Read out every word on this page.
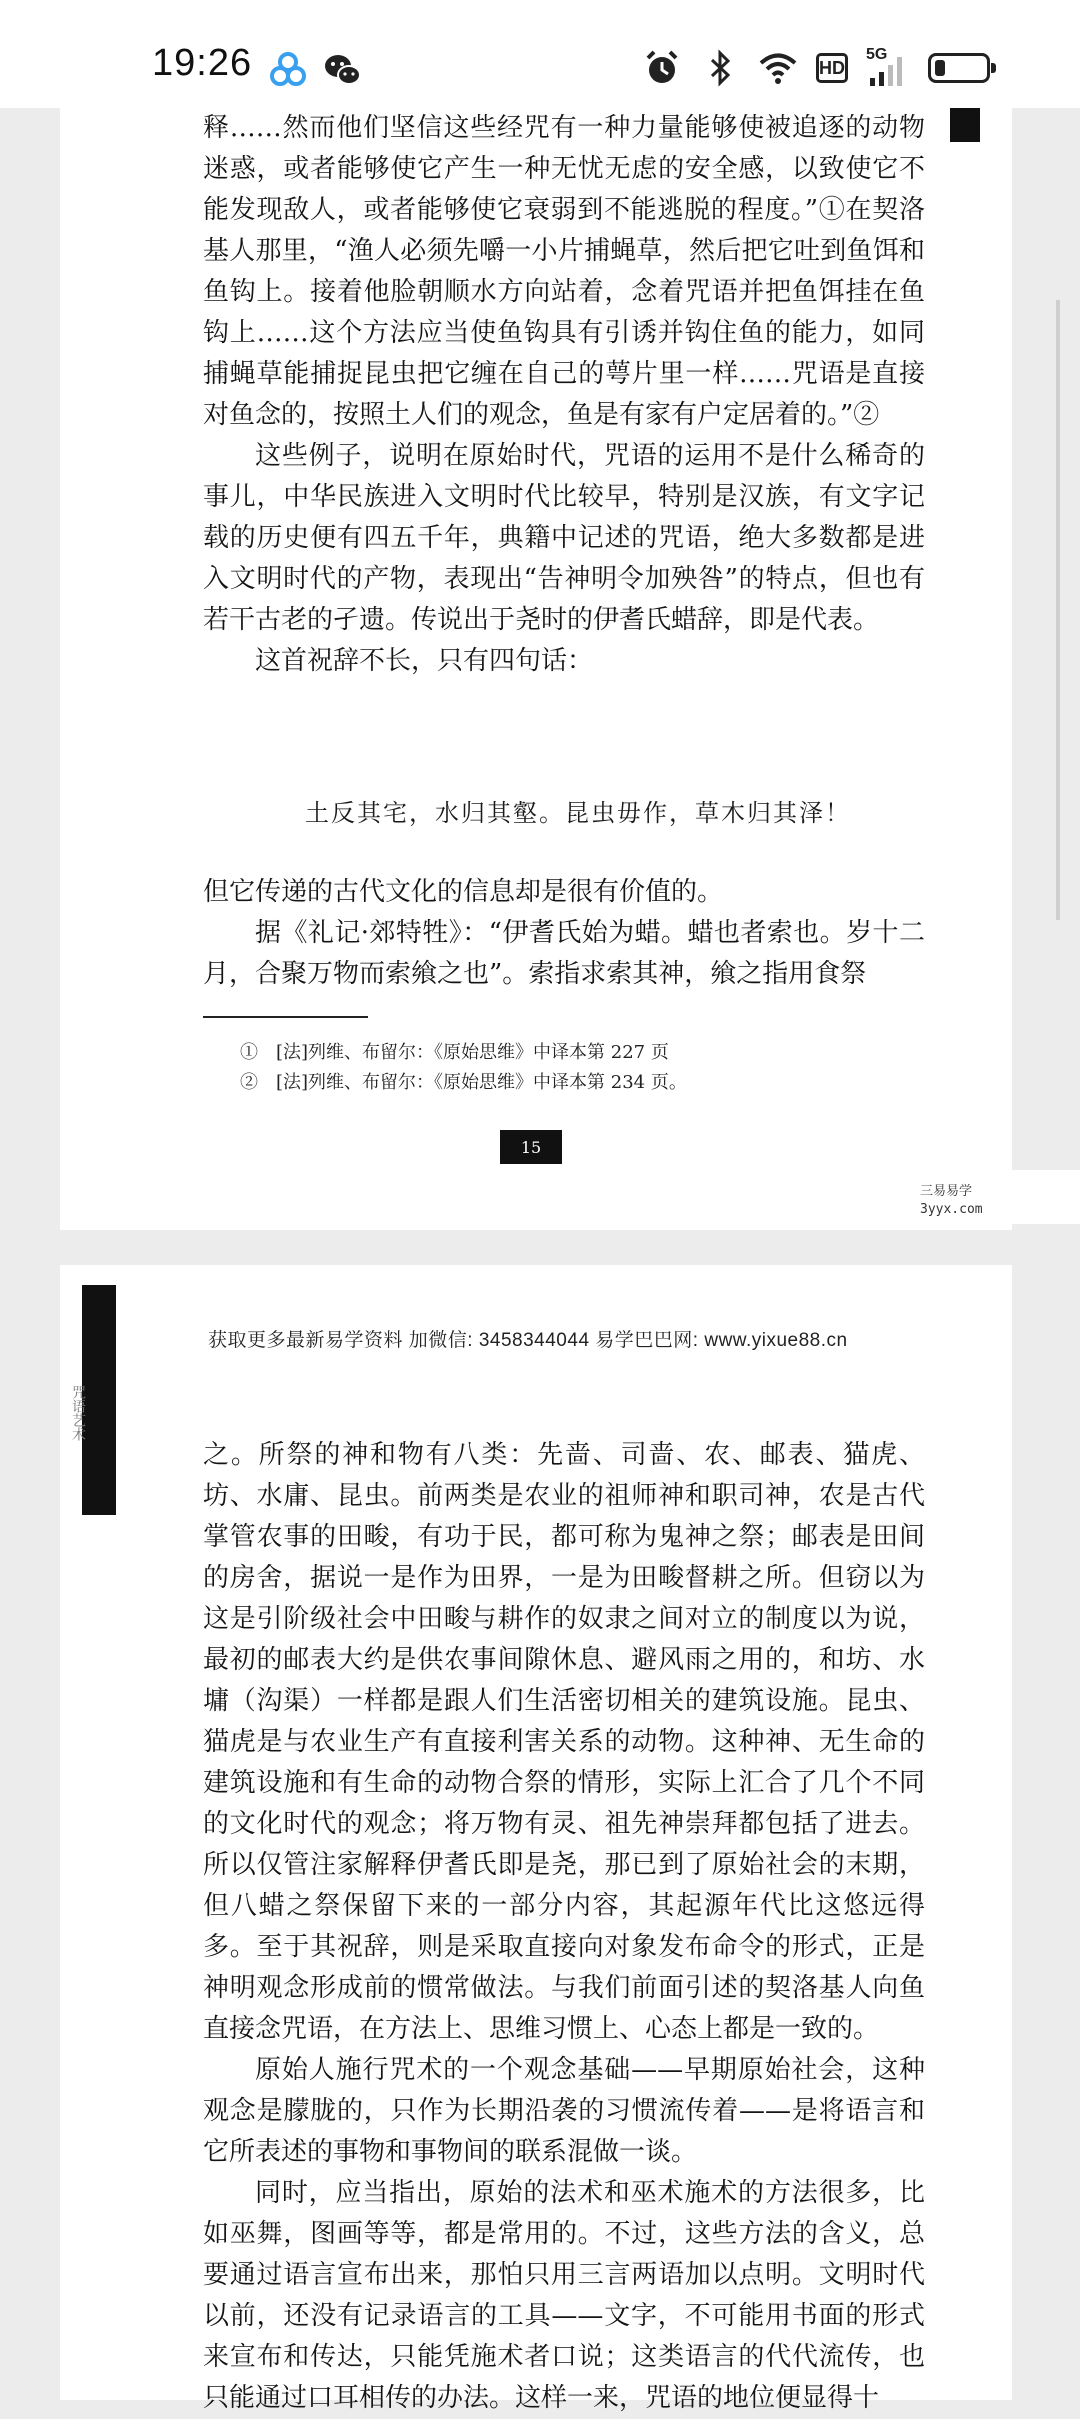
19:26	HD
5G

释……然而他们坚信这些经咒有一种力量能够使被追逐的动物迷惑，或者能够使它产生一种无忧无虑的安全感，以致使它不能发现敌人，或者能够使它衰弱到不能逃脱的程度。”①在契洛基人那里，“渔人必须先嚼一小片捕蝇草，然后把它吐到鱼饵和鱼钩上。接着他脸朝顺水方向站着，念着咒语并把鱼饵挂在鱼钩上……这个方法应当使鱼钩具有引诱并钩住鱼的能力，如同捕蝇草能捕捉昆虫把它缠在自己的萼片里一样……咒语是直接对鱼念的，按照土人们的观念，鱼是有家有户定居着的。”②

这些例子，说明在原始时代，咒语的运用不是什么稀奇的事儿，中华民族进入文明时代比较早，特别是汉族，有文字记载的历史便有四五千年，典籍中记述的咒语，绝大多数都是进入文明时代的产物，表现出“告神明令加殃咎”的特点，但也有若干古老的孑遗。传说出于尧时的伊耆氏蜡辞，即是代表。

这首祝辞不长，只有四句话：

土反其宅，水归其壑。昆虫毋作，草木归其泽！

但它传递的古代文化的信息却是很有价值的。

据《礼记·郊特牲》：“伊耆氏始为蜡。蜡也者索也。岁十二月，合聚万物而索飨之也”。索指求索其神，飨之指用食祭

①　[法]列维、布留尔：《原始思维》中译本第 227 页
②　[法]列维、布留尔：《原始思维》中译本第 234 页。
15
三易易学
3yyx.com
咒语艺术
获取更多最新易学资料 加微信: 3458344044 易学巴巴网: www.yixue88.cn

之。所祭的神和物有八类：先啬、司啬、农、邮表、猫虎、坊、水庸、昆虫。前两类是农业的祖师神和职司神，农是古代掌管农事的田畯，有功于民，都可称为鬼神之祭；邮表是田间的房舍，据说一是作为田界，一是为田畯督耕之所。但窃以为这是引阶级社会中田畯与耕作的奴隶之间对立的制度以为说，最初的邮表大约是供农事间隙休息、避风雨之用的，和坊、水墉（沟渠）一样都是跟人们生活密切相关的建筑设施。昆虫、猫虎是与农业生产有直接利害关系的动物。这种神、无生命的建筑设施和有生命的动物合祭的情形，实际上汇合了几个不同的文化时代的观念；将万物有灵、祖先神崇拜都包括了进去。所以仅管注家解释伊耆氏即是尧，那已到了原始社会的末期，但八蜡之祭保留下来的一部分内容，其起源年代比这悠远得多。至于其祝辞，则是采取直接向对象发布命令的形式，正是神明观念形成前的惯常做法。与我们前面引述的契洛基人向鱼直接念咒语，在方法上、思维习惯上、心态上都是一致的。

原始人施行咒术的一个观念基础——早期原始社会，这种观念是朦胧的，只作为长期沿袭的习惯流传着——是将语言和它所表述的事物和事物间的联系混做一谈。

同时，应当指出，原始的法术和巫术施术的方法很多，比如巫舞，图画等等，都是常用的。不过，这些方法的含义，总要通过语言宣布出来，那怕只用三言两语加以点明。文明时代以前，还没有记录语言的工具——文字，不可能用书面的形式来宣布和传达，只能凭施术者口说；这类语言的代代流传，也只能通过口耳相传的办法。这样一来，咒语的地位便显得十
